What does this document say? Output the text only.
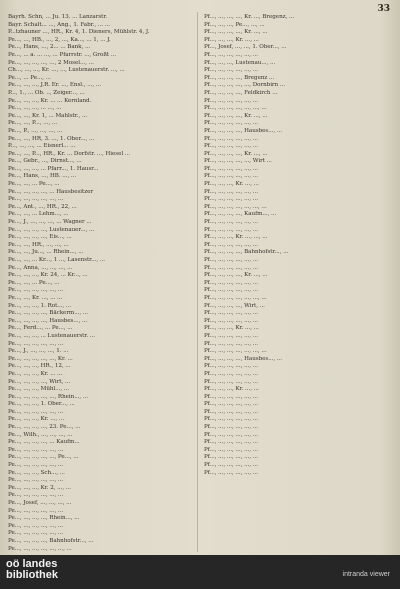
33
Bayrh. Schn, ... Ju. 13. ... Lanzarstr.
Bayr. Schalt... ..., Ang., 1. Fabr., ... ...
P...tzhauner ..., HR., Kr. 4, 1. Dieners, Mühlstr. 4, J.
Pe..., ..., HB., ..., 2, ..., Ka..., ... 1, ... J.
Pe..., Hans, ..., 2... ... Bank, ...
Pe..., ... a. ... ..., ... Pfarrstr. ..., Großt ...
Pe..., ..., ..., ..., ..., 2 Mosel..., ...
Ch..., ..., ..., Kr. ..., ..., Lustenauerstr. ..., ...
Pe..., ... Pe..., ...
Pe..., ..., ..., J.R. Er. ..., Ensl., ..., ...
P..., 1., ... Ob. .., Zeiger..., ...
Pe..., ..., ..., Kr. ... ... Kernland.
Pe..., ..., ..., ... ..., ...
Pe..., ..., Kr. 1, ... Mahlstr., ...
Pe..., ..., P..., ..., ...
Pe..., P., ..., ..., ..., ...
Pe..., ..., HR, 3. ..., 1. Ober..., ...
P..., ..., ..., ... Eisnerl... ...
Pe..., ..., P..., HR., Kr. ... Dorfstr. ..., Hiesel ...
Pe..., Gebr., ..., Dirnst..., ...
Pe..., ..., ..., ... Pfarr..., 1. Hausr...
Pe..., Hans, ..., HB. ..., ...
Pe..., ..., ... Pe..., ...
Pe..., ..., ..., ..., ... Hausbesitzer
Pe..., ..., ..., ..., ..., ...
Pe..., Ant., ..., HR., 22, ...
Pe..., ..., ... Lehm..., ...
Pe..., J., ..., ..., ..., ... Wagner ...
Pe..., ..., ..., ..., Lustenauer..., ...
Pe..., ..., ..., ..., Eis..., ...
Pe..., ..., HR., ..., ..., ...
Pe..., ..., Ju..., ... Rhein..., ...
Pe..., ..., ... Kr..., 1 ..., Lasenstr..., ...
Pe..., Anna, ..., ..., ..., ...
Pe..., ..., ..., Kr. 24, ... Kr..., ...
Pe..., ..., ... Pe..., ...
Pe..., ..., ..., ..., ..., ...
Pe..., ..., Kr. ..., ... ...
Pe..., ..., ..., 1. Rot..., ...
Pe..., ..., ..., ..., Bäckerm..., ...
Pe..., ..., ..., ..., Hausbes..., ...
Pe..., Ferd..., ... Pe..., ...
Pe..., ..., ..., ... Lustenauerstr. ...
Pe..., ..., ..., ..., ..., ...
Pe..., J., ..., ..., ..., 1. ...
Pe..., ..., ..., ..., ..., Kr. ...
Pe..., ..., ..., HR., 12, ...
Pe..., ..., ..., Kr. ... ...
Pe..., ..., ..., ..., Wirt, ...
Pe..., ..., ..., Mühl..., ...
Pe..., ..., ..., ..., ..., Rhein..., ...
Pe..., ..., ..., 1. Ober..., ...
Pe..., ..., ..., ..., ..., ...
Pe..., ..., ..., Kr. ..., ...
Pe..., ..., ..., ..., 23. Pe..., ...
Pe..., Wilh., ..., ..., ..., ...
Pe..., ..., ..., ..., ... Kaufm...
Pe..., ..., ..., ..., ..., ...
Pe..., ..., ..., ..., ..., Pe..., ...
Pe..., ..., ..., ..., ..., ...
Pe..., ..., ..., Sch..., ...
Pe..., ..., ..., ..., ..., ...
Pe..., ..., ..., Kr. 2, ..., ...
Pe..., ..., ..., ..., ..., ...
Pe..., Josef, ..., ..., ..., ...
Pe..., ..., ..., ..., ..., ...
Pe..., ..., ..., ..., Rhein..., ...
Pe..., ..., ..., ..., ..., ...
Pe..., ..., ..., ..., ..., ...
Pe..., ..., ..., ..., Bahnhofstr..., ...
Pe..., ..., ..., ..., ..., ..., ...
Pf..., ..., ..., ..., Kr. ..., Bregenz, ...
Pf..., ..., ..., Pe..., ..., ...
Pf..., ..., ..., ..., Kr. ..., ...
Pf..., ..., ..., Kr. ..., ...
Pf..., Josef, ..., ..., 1. Ober..., ...
Pf..., ..., ..., ..., ..., ...
Pf..., ..., ..., Lustenau..., ...
Pf..., ..., ..., ..., ..., ...
Pf..., ..., ..., ..., Bregenz ...
Pf..., ..., ..., ..., ..., Dornbirn ...
Pf..., ..., ..., ..., Feldkirch ...
Pf..., ..., ..., ..., ..., ...
Pf..., ..., ..., ..., ..., ..., ...
Pf..., ..., ..., ..., Kr. ..., ...
Pf..., ..., ..., ..., ..., ...
Pf..., ..., ..., ..., Hausbes..., ...
Pf..., ..., ..., ..., ..., ...
Pf..., ..., ..., ..., ..., ...
Pf..., ..., ..., ..., Kr. ..., ...
Pf..., ..., ..., ..., ..., Wirt ...
Pf..., ..., ..., ..., ..., ...
Pf..., ..., ..., ..., ..., ...
Pf..., ..., ..., Kr. ..., ...
Pf..., ..., ..., ..., ..., ...
Pf..., ..., ..., ..., ..., ...
Pf..., ..., ..., ..., ..., ..., ...
Pf..., ..., ..., ..., Kaufm..., ...
Pf..., ..., ..., ..., ..., ...
Pf..., ..., ..., ..., ..., ...
Pf..., ..., ..., Kr. ..., ..., ...
Pf..., ..., ..., ..., ..., ...
Pf..., ..., ..., ..., Bahnhofstr..., ...
Pf..., ..., ..., ..., ..., ...
Pf..., ..., ..., ..., ..., ...
Pf..., ..., ..., ..., Kr. ..., ...
Pf..., ..., ..., ..., ..., ...
Pf..., ..., ..., ..., ..., ...
Pf..., ..., ..., ..., ..., ..., ...
Pf..., ..., ..., ..., Wirt, ...
Pf..., ..., ..., ..., ..., ...
Pf..., ..., ..., ..., ..., ...
Pf..., ..., ..., Kr. ..., ...
Pf..., ..., ..., ..., ..., ...
Pf..., ..., ..., ..., ..., ...
Pf..., ..., ..., ..., ..., ..., ...
Pf..., ..., ..., ..., Hausbes..., ...
Pf..., ..., ..., ..., ..., ...
Pf..., ..., ..., ..., ..., ...
Pf..., ..., ..., ..., ..., ...
Pf..., ..., ..., Kr. ..., ...
Pf..., ..., ..., ..., ..., ...
Pf..., ..., ..., ..., ..., ...
Pf..., ..., ..., ..., ..., ...
Pf..., ..., ..., ..., ..., ...
Pf..., ..., ..., ..., ..., ...
Pf..., ..., ..., ..., ..., ...
Pf..., ..., ..., ..., ..., ...
Pf..., ..., ..., ..., ..., ...
Pf..., ..., ..., ..., ..., ...
Pf..., ..., ..., ..., ..., ...
Pf..., ..., ..., ..., ..., ...
oö landes
bibliothek	intranda viewer
